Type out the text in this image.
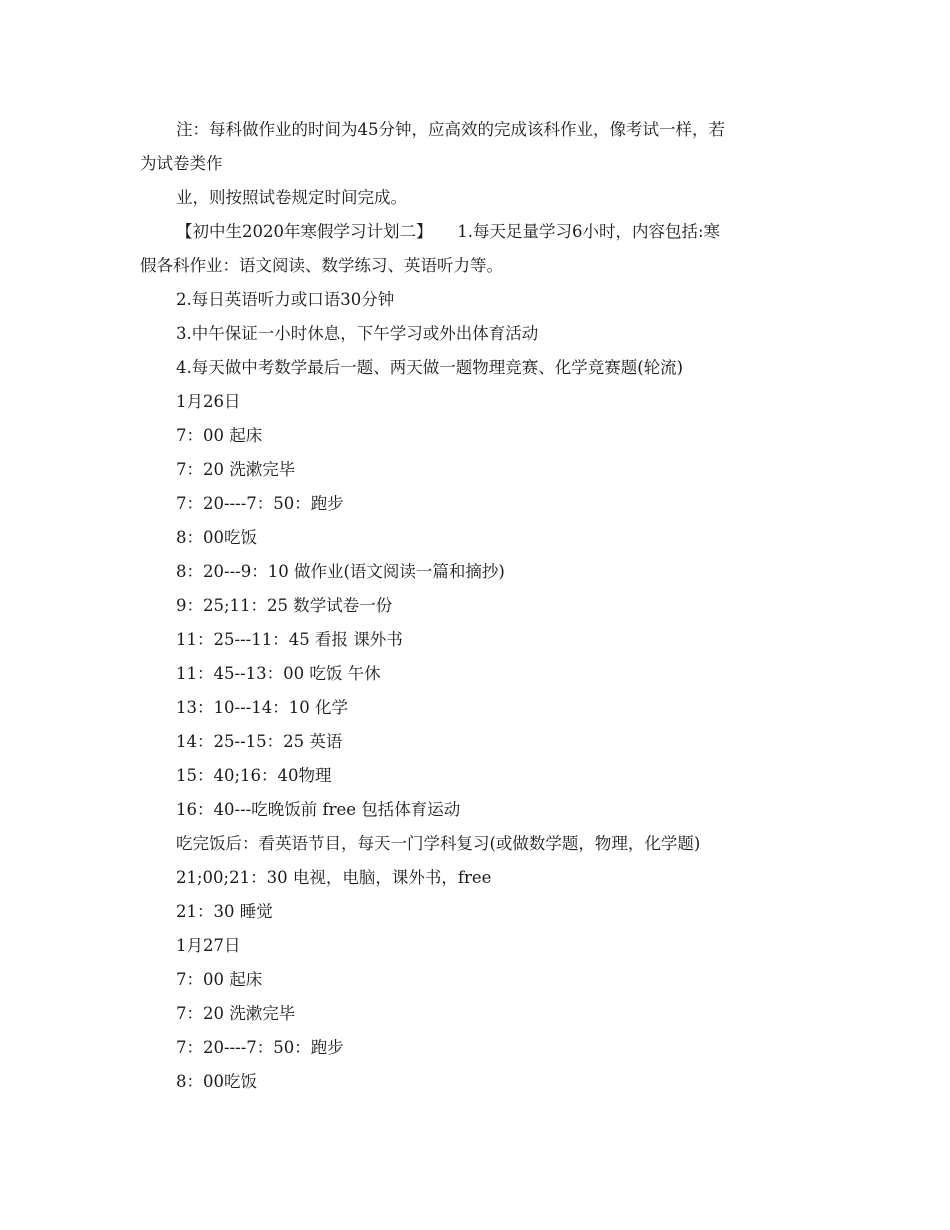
注：每科做作业的时间为45分钟，应高效的完成该科作业，像考试一样，若
为试卷类作
业，则按照试卷规定时间完成。
【初中生2020年寒假学习计划二】　　1.每天足量学习6小时，内容包括:寒
假各科作业：语文阅读、数学练习、英语听力等。
2.每日英语听力或口语30分钟
3.中午保证一小时休息，下午学习或外出体育活动
4.每天做中考数学最后一题、两天做一题物理竞赛、化学竞赛题(轮流)
1月26日
7：00 起床
7：20 洗漱完毕
7：20----7：50：跑步
8：00吃饭
8：20---9：10 做作业(语文阅读一篇和摘抄)
9：25;11：25 数学试卷一份
11：25---11：45 看报 课外书
11：45--13：00 吃饭 午休
13：10---14：10 化学
14：25--15：25 英语
15：40;16：40物理
16：40---吃晚饭前 free 包括体育运动
吃完饭后：看英语节目，每天一门学科复习(或做数学题，物理，化学题)
21;00;21：30 电视，电脑，课外书，free
21：30 睡觉
1月27日
7：00 起床
7：20 洗漱完毕
7：20----7：50：跑步
8：00吃饭
